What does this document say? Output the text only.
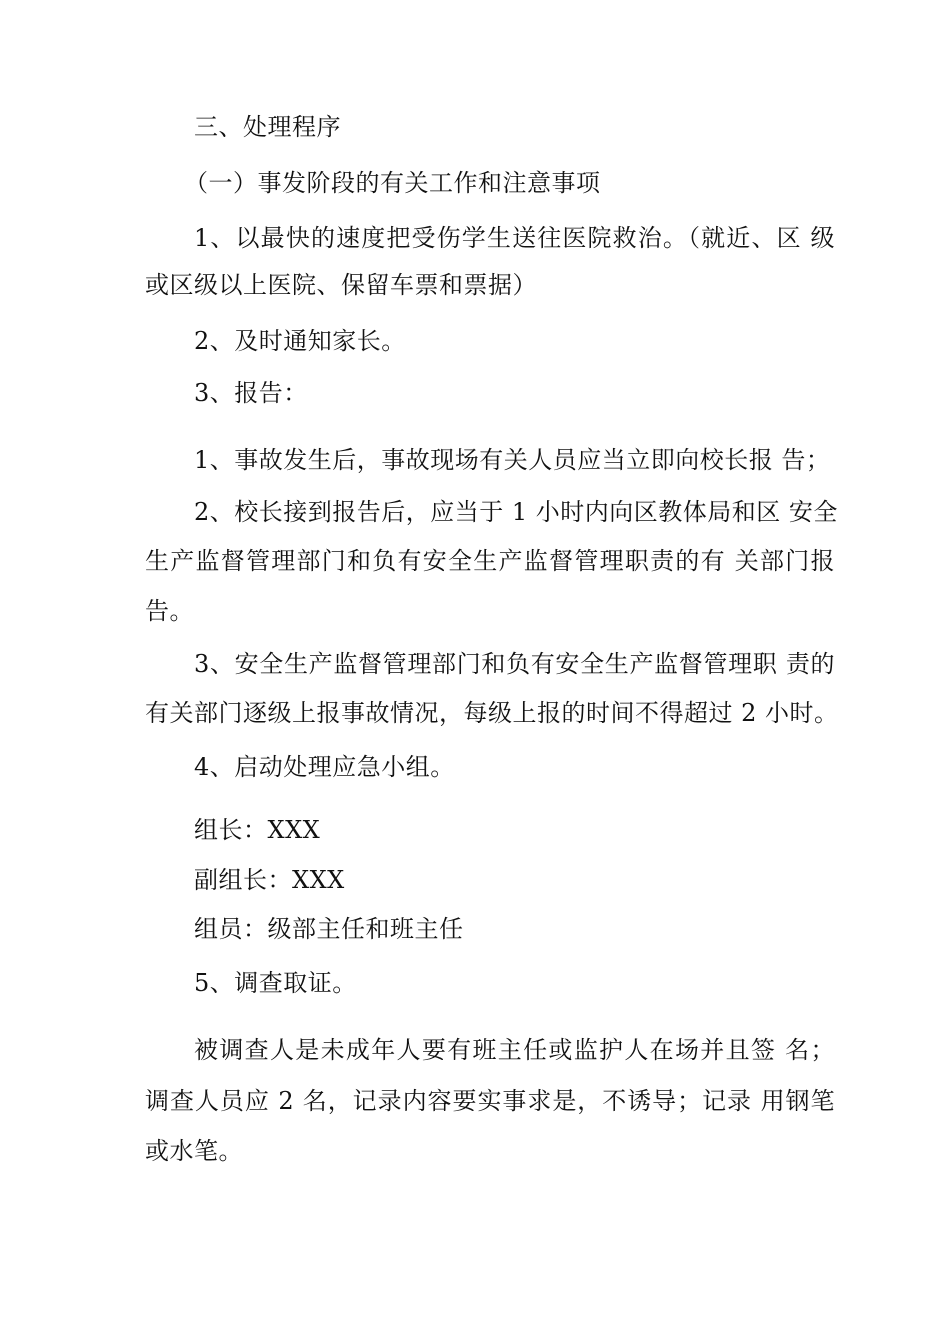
三、处理程序
（一）事发阶段的有关工作和注意事项
1、以最快的速度把受伤学生送往医院救治。（就近、区 级
或区级以上医院、保留车票和票据）
2、及时通知家长。
3、报告：
1、事故发生后，事故现场有关人员应当立即向校长报 告；
2、校长接到报告后，应当于 1 小时内向区教体局和区 安全
生产监督管理部门和负有安全生产监督管理职责的有 关部门报
告。
3、安全生产监督管理部门和负有安全生产监督管理职 责的
有关部门逐级上报事故情况，每级上报的时间不得超过 2 小时。
4、启动处理应急小组。
组长：XXX
副组长：XXX
组员：级部主任和班主任
5、调查取证。
被调查人是未成年人要有班主任或监护人在场并且签 名；
调查人员应 2 名，记录内容要实事求是，不诱导；记录 用钢笔
或水笔。
